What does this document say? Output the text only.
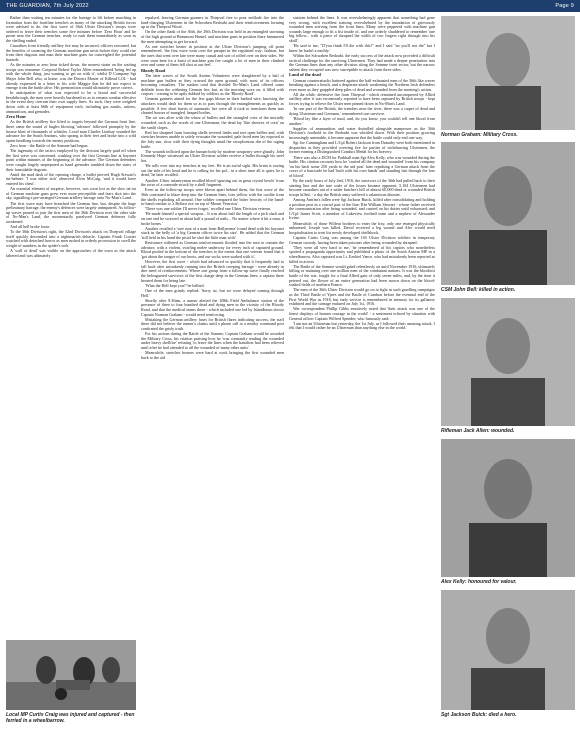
THE GUARDIAN, 7th July 2022	Page 9

Rather than waiting ten minutes for the barrage to lift before marching in formation from the frontline trenches as many of the attacking British forces were advised to do, the first wave of 36th Ulster Division's troops were ordered to leave their trenches some five minutes before 'Zero Hour' and lie prone near the German trenches, ready to rush them immediately as soon as the shelling ended.

Casualties from friendly artillery fire may be incurred, officers reasoned, but the benefits of storming the German machine gun nests before they could rise from their dugouts and man their machine guns far outweighed the potential hazards.

As the minutes to zero hour ticked down, the nearest strain on the waiting troops was immense. Corporal Robert Taylor Allen remembered 'being led up with the whole thing, just wanting to get on with it', whilst D Company Sgt Major John Bell who, at home, was the District Master of Killead LOL - had already expressed in a letter to his wife Maggie that he did not expect to emerge from the battle alive. His premonition would ultimately prove correct.

In anticipation of what was expected to be a broad and successful breakthrough, the men were heavily burdened so as to remain combat effective in the event they overran their own supply lines. As such, they were weighed down with at least 66lb of equipment each, including gas masks, rations, ammunition, and grenades.

Zero Hour

As the British artillery fire lifted to targets beyond the German front line, there came the sound of bugles blowing 'advance' followed promptly by the hoarse blast of thousands of whistles. Local man Charles Lindsay sounded the advance for the South Antrims, who sprang to their feet and broke into a wild sprint headlong towards the enemy positions.

Zero hour - the Battle of the Somme had begun.

The ingenuity of the tactics employed by the division largely paid off when the first wave was concerned, washing over the first German line at bayonet point within minutes of the beginning of the advance. The German defenders were caught largely unprepared as hand grenades tumbled down the stairs of their formidable dugouts.

Amid the mad dash of the opening charge, a bullet pierced Hugh Stewart's tin-helmet. 'I was either sick' observed Alvin McCaig, 'and it would have entered his chest'.

An essential element of surprise, however, was soon lost as the slow tat-tat of German machine guns grew ever more perceptible and fears shot into the sky, signalling a pre-arranged German artillery barrage onto No-Man's Land.

The first wave may have breached the German line, but, despite the huge preliminary barrage, the enemy's defences were largely unimpaired. As follow-up waves poured to join the first men of the 36th Division over the other side of No-Man's Land, the momentarily paralysed German defenses fully awakened.

And all hell broke loose.

To the 36th Division's right, the 32nd Division's attack on Thiepval village itself quickly descended into a nightmarish debacle. Captain Frank Crozier watched with detached horror as men rushed in orderly procession to swell the weight of numbers in the spider's web.

A 'wall of dead' was visible on the approaches of the town as the attack faltered and was ultimately

Local MP Curtis Craig was injured and captured - then ferried in a wheelbarrow.

repulsed, leaving German gunners in Thiepval free to pour enfilade fire into the hard-charging Ulstermen in the Schwaben Redoubt and their reinforcements forming up in the Thiepval Wood.

On the other flank of the 36th, the 29th Division was held in an entangled storming of the high ground at Beaumont Hamel, and machine guns in position there hammered the men attempting to get forward.

As one stretcher bearer in position at the Ulster Division's jumping off point remembered, 'the first wave went over the parapet in the regulated way; fashion, but the ones that went over late were many casual and sort of rolled over on their sides. We were soon bent for a burst of machine gun fire caught a lot of men in their climbed over and some of them fell shot at our feet'.

Bloody Road

The later waves of the South Antrim Volunteers were slaughtered by a hail of machine gun bullets as they crossed the open ground, with most of its officers becoming casualties. The sunken road that divided No-Man's Land offered some defilade from the withering German fire, but, as the morning wore on, it filled with corpses - coming to be aptly dubbed by soldiers as the 'Bloody Road'.

German gunners aimed for the few gaps blown in their barbed wire, knowing the attackers would dash for them so as to pass through the entanglements as quickly as possible. A few short bursts of automatic fire were all it took to transform them into charnel houses of mangled, heaped bodies.

The air was alive with the whizz of bullets and the strangled cries of the mortally wounded, such as the words of one Ulsterman, the dead lay 'like sheaves of corn' on the sunlit slopes.

Red hot shrapnel from bursting shells severed limbs and tore open bellies and, with stretcher bearers unable to safely evacuate the wounded, pale faced men lay exposed to the July sun, slow with their dying thoughts amid the cacophonous din of the raging battle.

The wounds inflicted upon the human body by modern weaponry were ghastly. John Kennedy Hope witnessed an Ulster Division soldier receive a bullet through his steel hat.

'He rolls over into my trenches at my feet. He is an awful sight. His brain is oozing out the side of his head and he is calling for his pal... in a short time all is quiet, he is dead,' he later recalled.

Another Ulster infantryman recalled blood 'spurting out in great crystal bowls' from the torso of a comrade struck by a shell fragment.

Even as the follow-up troops were blown apart behind them, the first wave of the 36th continued to blaze deep into the German lines, foes yellow with the cordite from the shells exploding all around. One soldier compared the bitter ferocity of the hand-to-hand combat to 'a Belfast riot on top of Mount Vesuvius'.

'There was one soldier I'll never forget,' recalled one Ulster Division veteran.

'He made himself a special weapon... It was about half the length of a pick shaft and on one end he screwed in about half a pound of nails... No matter where it hit a man, it broke bones.'

Another recalled a 'wee runt of a man from Ballymena' found dead with his bayonet stuck in the belly of 'a big German officer twice his size'. He added that the German 'still held in his hand the pistol he shot the little man with'.

Resistance stiffened as German reinforcements flooded into the area to contain the advance, with a violent, swirling melee underway for every inch of captured ground. Blood pooled in the bottom of the trenches to the extent that one veteran found that it 'got about the tongue of our boots, and our socks were soaked with it'.

However, the first wave - which had advanced so quickly that it frequently had to fall back after mistakenly running into the British creeping barrage - were already in dire need of reinforcements. Where one group from a follow-up wave finally reached the beleaguered survivors of the first charge deep in the German lines, a captain there berated them for being late.

'What the Hell kept you?' he bellied.

One of the men grimly replied: 'Sorry sir, but we were delayed coming through Hell.'

Shortly after 8.30am, a runner alerted the 108th Field Ambulance station of the presence of three to four hundred dead and dying men in the vicinity of the Bloody Road, and that the medical teams there - which included one led by Islandbawn doctor Captain Norman Graham - would need reinforcing.

Mistaking the German artillery fuses for British flares indicating success, the staff there did not believe the runner's claims until a phone call to a nearby command post confirmed the grisly truth.

For his actions during the Battle of the Somme, Captain Graham would be awarded the Military Cross, his citation praising how he 'was constantly tending the wounded under heavy shellfire' refusing 'to leave the lines when the battalion had been relieved until after he had attended to all the wounded of many other units'.

Meanwhile, stretcher bearers were hard at work bringing the first wounded men back to the aid

stations behind the lines. It was overwhelmingly apparent that something had gone very wrong, with excellent training overwhelmed by the inundation of grievously wounded men arriving from the front lines. Many were peppered with machine gun wounds large enough to fit a fist inside of, and one orderly shuddered to remember 'one big fellow... with a piece of shrapnel the width of two fingers right through into his skull'.

'He said to me, "D'you think I'll die with this?" and I said "no you'll not die" but I knew he hadn't a earthly.'

Within the Schwaben Redoubt, the early success of the attack now provided a difficult tactical challenge for the surviving Ulstermen. They had made a deeper penetration into the German lines than any other division along the Somme front sector, but the narrow salient they occupied was now susceptible to attack from three sides.

Land of the dead

German counterattacks battered against the half-exhausted men of the 36th like waves breaking against a beach, and a desperate attack weakening the Northern Irish defenders even more as they grappled deep piles of dead and wounded from the morning's action.

All the while, defensive fire from Thiepval - which remained unconquered by Allied artillery after it was erroneously reported to have been captured by British troops - kept forces trying to relieve the Ulster men pinned down in No-Man's Land.

'In one part of the British, the trenches near the river, there was a carpet of dead and dying Ulstermen and Germans,' remembered one survivor.

'Blood lay like a layer of mud, and, do you know, you couldn't tell one blood from another.'

Supplies of ammunition and water dwindled alongside manpower as the 36th Division's foothold in the Redoubt was whittled down. With their position growing increasingly untenable, it became apparent that the battle could only end one way.

Sgt Joe Cunningham and L/Cpl Robert Jackson from Dunadry were both mentioned in dispatches as they provided covering fire for parties of withdrawing Ulstermen, the former earning a Distinguished Conduct Medal for his bravery.

There was also a DCM for Parkhall man Sgt Alex Kelly, who was wounded during the battle. His citation recounts how he 'carried all the dead and wounded' from his company 'on his back some 250 yards to the aid post' later repulsing a German attack from the cover of a barricade he had 'built with his own hands' and standing fast through the loss of blood'.

By the early hours of July 2nd, 1916, the survivors of the 36th had pulled back to their starting line and the true scale of the losses became apparent. 5,104 Ulstermen had become casualties out of a wider butcher's bill of almost 60,000 dead or wounded British troops killed, - a day the British army suffered a calamitous disaster.

Among Antrim's fallen were Sgt Jackson Buick, killed after consolidating and holding a position post in a crucial part of the line; Rfn William Stewart - whose father received the communication after being wounded, and carried on his duties until exhausted; and L/Cpl James Scott, a member of Lakeview football team and a nephew of Alexander Irvine.

Meanwhile, of those Wilfear brothers to enter the fray, only one emerged physically unharmed; Joseph was killed. David received a leg wound and Alec would need hospitalisation to treat his newly developed shellshock.

Captain Curtis Craig was among the 165 Ulster Division soldiers in temporary German custody, having been taken prisoner after being wounded by shrapnel.

'They were all very hard to me,' he remembered of his captors who nonetheless spotted a propaganda opportunity and published a photo of the South Antrim MP in a wheelbarrow. Also captured was Lt. Ezekiel Vance, who had mistakenly been reported as killed in action.

The Battle of the Somme would grind relentlessly on until November 1916, ultimately killing or maiming over one million men of the combatant nations. It was the bloodiest battle of the war, fought for a final Allied gain of only seven miles, and, by the time it petered out, the flower of an entire generation had been mown down on the blood-soaked fields of northern France.

The men of the 36th Ulster Division would go on to fight in such gruelling campaigns as the Third Battle of Ypres and the Battle of Cambrai before the eventual end of the First World War in 1918, but early service is remembered in memory for its gallantry exhibited and the carnage endured on July 1st, 1916.

War correspondent Phillip Gibbs emotively noted that 'their attack was one of the finest displays of human courage in the world' - a sentiment echoed by situation with General officer Captain Wilfred Spender, who famously said:

'I am not an Ulsterman but yesterday, the 1st July, as I followed their amazing attack, I felt that I would rather be an Ulsterman than anything else in the world.'

Norman Graham: Military Cross.
CSM John Bell: killed in action.
Rifleman Jack Allen: wounded.
Alex Kelly: honoured for valour.
Sgt Jackson Buick: died a hero.
